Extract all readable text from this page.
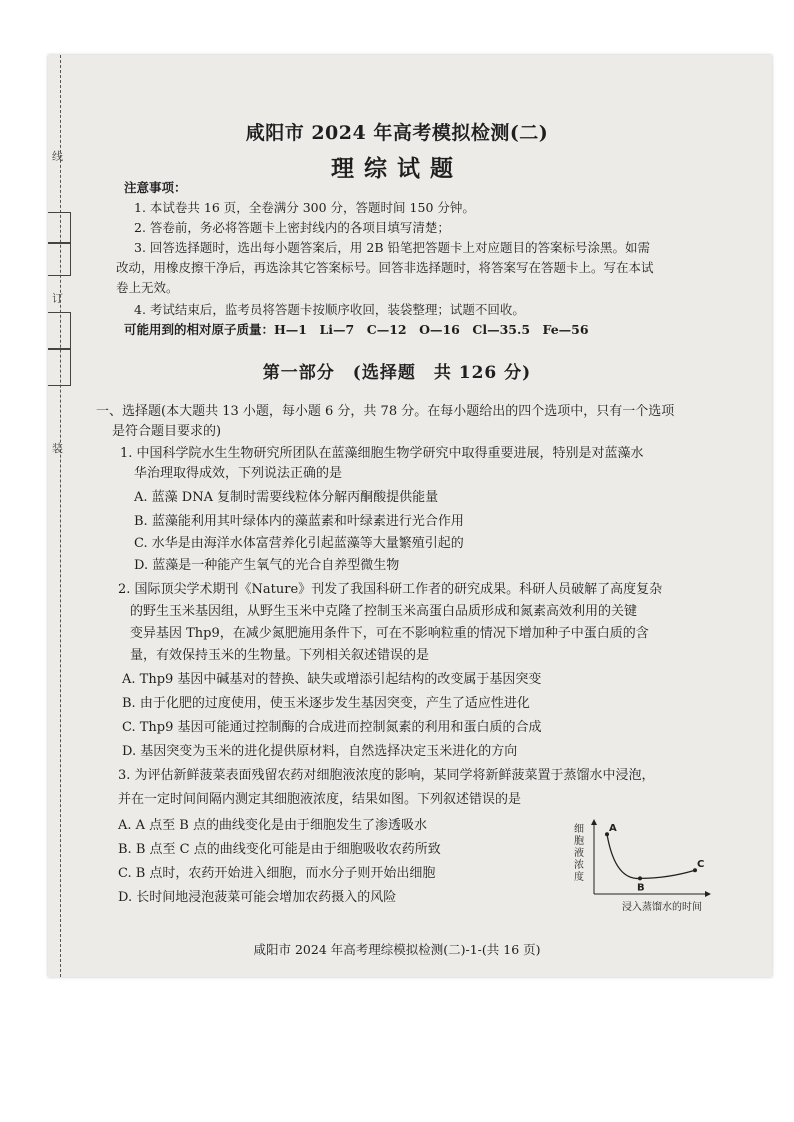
线
订
装
咸阳市 2024 年高考模拟检测(二)
理综试题
注意事项：
1. 本试卷共 16 页，全卷满分 300 分，答题时间 150 分钟。
2. 答卷前，务必将答题卡上密封线内的各项目填写清楚；
3. 回答选择题时，选出每小题答案后，用 2B 铅笔把答题卡上对应题目的答案标号涂黑。如需
改动，用橡皮擦干净后，再选涂其它答案标号。回答非选择题时，将答案写在答题卡上。写在本试
卷上无效。
4. 考试结束后，监考员将答题卡按顺序收回，装袋整理；试题不回收。
可能用到的相对原子质量：H—1　Li—7　C—12　O—16　Cl—35.5　Fe—56
第一部分　(选择题　共 126 分)
一、选择题(本大题共 13 小题，每小题 6 分，共 78 分。在每小题给出的四个选项中，只有一个选项
是符合题目要求的)
1. 中国科学院水生生物研究所团队在蓝藻细胞生物学研究中取得重要进展，特别是对蓝藻水
华治理取得成效，下列说法正确的是
A. 蓝藻 DNA 复制时需要线粒体分解丙酮酸提供能量
B. 蓝藻能利用其叶绿体内的藻蓝素和叶绿素进行光合作用
C. 水华是由海洋水体富营养化引起蓝藻等大量繁殖引起的
D. 蓝藻是一种能产生氧气的光合自养型微生物
2. 国际顶尖学术期刊《Nature》刊发了我国科研工作者的研究成果。科研人员破解了高度复杂
的野生玉米基因组，从野生玉米中克隆了控制玉米高蛋白品质形成和氮素高效利用的关键
变异基因 Thp9，在减少氮肥施用条件下，可在不影响粒重的情况下增加种子中蛋白质的含
量，有效保持玉米的生物量。下列相关叙述错误的是
A. Thp9 基因中碱基对的替换、缺失或增添引起结构的改变属于基因突变
B. 由于化肥的过度使用，使玉米逐步发生基因突变，产生了适应性进化
C. Thp9 基因可能通过控制酶的合成进而控制氮素的利用和蛋白质的合成
D. 基因突变为玉米的进化提供原材料，自然选择决定玉米进化的方向
3. 为评估新鲜菠菜表面残留农药对细胞液浓度的影响，某同学将新鲜菠菜置于蒸馏水中浸泡，
并在一定时间间隔内测定其细胞液浓度，结果如图。下列叙述错误的是
A. A 点至 B 点的曲线变化是由于细胞发生了渗透吸水
B. B 点至 C 点的曲线变化可能是由于细胞吸收农药所致
C. B 点时，农药开始进入细胞，而水分子则开始出细胞
D. 长时间地浸泡菠菜可能会增加农药摄入的风险
细胞液浓度
浸入蒸馏水的时间
A
B
C
咸阳市 2024 年高考理综模拟检测(二)-1-(共 16 页)
